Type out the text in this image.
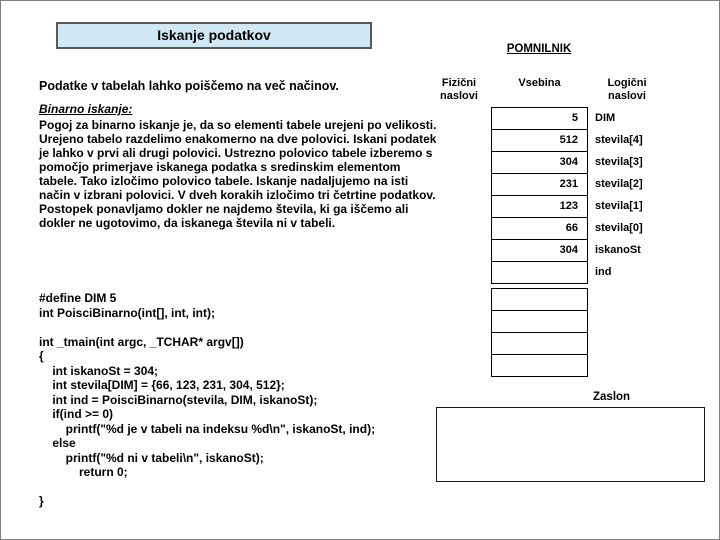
Iskanje podatkov
POMNILNIK
Podatke v tabelah lahko poiščemo na več načinov.
Binarno iskanje:
Pogoj za binarno iskanje je, da so elementi tabele urejeni po velikosti. Urejeno tabelo razdelimo enakomerno na dve polovici. Iskani podatek je lahko v prvi ali drugi polovici. Ustrezno polovico tabele izberemo s pomočjo primerjave iskanega podatka s sredinskim elementom tabele. Tako izločimo polovico tabele. Iskanje nadaljujemo na isti način v izbrani polovici. V dveh korakih izločimo tri četrtine podatkov. Postopek ponavljamo dokler ne najdemo števila, ki ga iščemo ali dokler ne ugotovimo, da iskanega števila ni v tabeli.
#define DIM 5
int PoisciBinarno(int[], int, int);
int _tmain(int argc, _TCHAR* argv[])
{
int iskanoSt = 304;
int stevila[DIM] = {66, 123, 231, 304, 512};
int ind = PoisciBinarno(stevila, DIM, iskanoSt);
if(ind >= 0)
printf("%d je v tabeli na indeksu %d\n", iskanoSt, ind);
else
printf("%d ni v tabeli\n", iskanoSt);
return 0;
}
Fizični naslovi
Vsebina	Logični naslovi
5
512
304
231
123
66
304
DIM
stevila[4]
stevila[3]
stevila[2]
stevila[1]
stevila[0]
iskanoSt
ind
Zaslon
